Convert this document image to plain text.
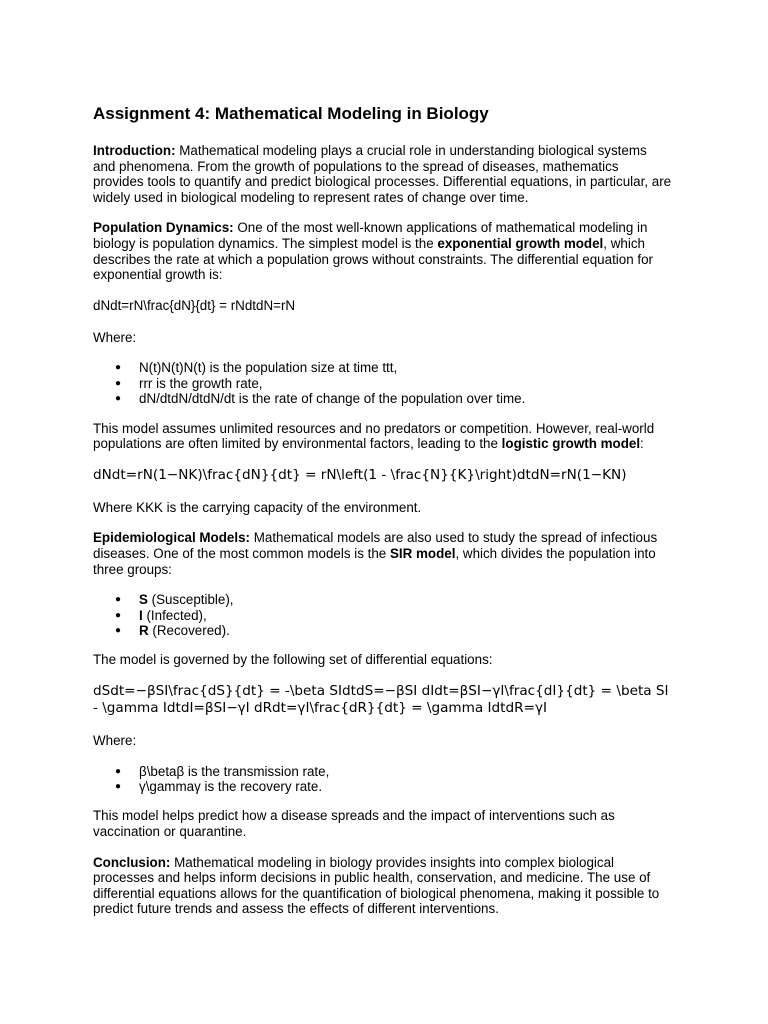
Assignment 4: Mathematical Modeling in Biology

Introduction: Mathematical modeling plays a crucial role in understanding biological systems and phenomena. From the growth of populations to the spread of diseases, mathematics provides tools to quantify and predict biological processes. Differential equations, in particular, are widely used in biological modeling to represent rates of change over time.

Population Dynamics: One of the most well-known applications of mathematical modeling in biology is population dynamics. The simplest model is the exponential growth model, which describes the rate at which a population grows without constraints. The differential equation for exponential growth is:

dNdt=rN\frac{dN}{dt} = rNdtdN=rN

Where:

● N(t)N(t)N(t) is the population size at time ttt,
● rrr is the growth rate,
● dN/dtdN/dtdN/dt is the rate of change of the population over time.

This model assumes unlimited resources and no predators or competition. However, real-world populations are often limited by environmental factors, leading to the logistic growth model:

dNdt=rN(1−NK)\frac{dN}{dt} = rN\left(1 - \frac{N}{K}\right)dtdN=rN(1−KN)

Where KKK is the carrying capacity of the environment.

Epidemiological Models: Mathematical models are also used to study the spread of infectious diseases. One of the most common models is the SIR model, which divides the population into three groups:

● S (Susceptible),
● I (Infected),
● R (Recovered).

The model is governed by the following set of differential equations:

dSdt=−βSI\frac{dS}{dt} = -\beta SIdtdS=−βSI dIdt=βSI−γI\frac{dI}{dt} = \beta SI - \gamma IdtdI=βSI−γI dRdt=γI\frac{dR}{dt} = \gamma IdtdR=γI

Where:

● β\betaβ is the transmission rate,
● γ\gammaγ is the recovery rate.

This model helps predict how a disease spreads and the impact of interventions such as vaccination or quarantine.

Conclusion: Mathematical modeling in biology provides insights into complex biological processes and helps inform decisions in public health, conservation, and medicine. The use of differential equations allows for the quantification of biological phenomena, making it possible to predict future trends and assess the effects of different interventions.
